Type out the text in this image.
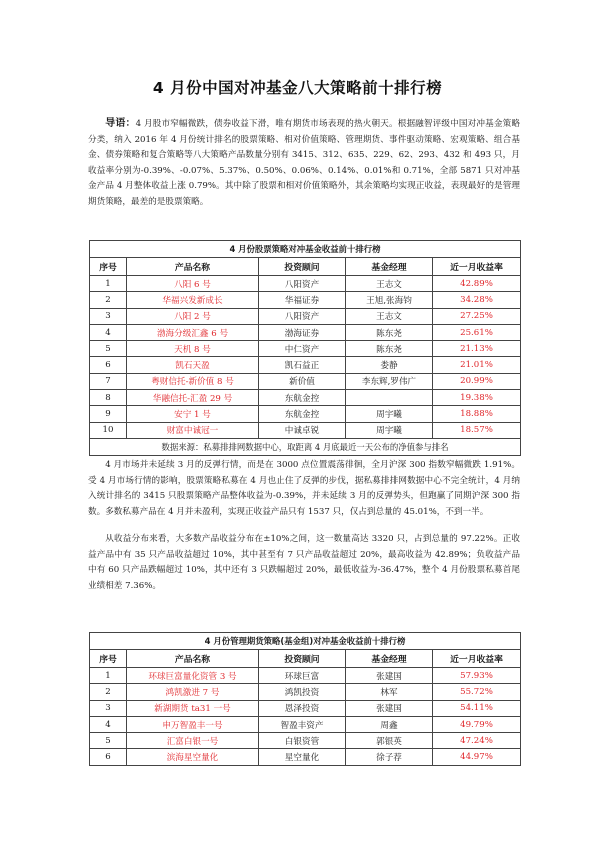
4 月份中国对冲基金八大策略前十排行榜

导语：4 月股市窄幅微跌，债券收益下滑，唯有期货市场表现的热火朝天。根据融智评级中国对冲基金策略分类，纳入 2016 年 4 月份统计排名的股票策略、相对价值策略、管理期货、事件驱动策略、宏观策略、组合基金、债券策略和复合策略等八大策略产品数量分别有 3415、312、635、229、62、293、432 和 493 只，月收益率分别为-0.39%、-0.07%、5.37%、0.50%、0.06%、0.14%、0.01%和 0.71%，全部 5871 只对冲基金产品 4 月整体收益上涨 0.79%。其中除了股票和相对价值策略外，其余策略均实现正收益，表现最好的是管理期货策略，最差的是股票策略。

4 月份股票策略对冲基金收益前十排行榜				
序号	产品名称	投资顾问	基金经理	近一月收益率
1	八阳 6 号	八阳资产	王志文	42.89%
2	华福兴发新成长	华福证券	王旭,张海钧	34.28%
3	八阳 2 号	八阳资产	王志文	27.25%
4	渤海分级汇鑫 6 号	渤海证券	陈东尧	25.61%
5	天机 8 号	中仁资产	陈东尧	21.13%
6	凯石天盈	凯石益正	娄静	21.01%
7	粤财信托-新价值 8 号	新价值	李东辉,罗伟广	20.99%
8	华融信托-汇盈 29 号	东航金控		19.38%
9	安宁 1 号	东航金控	周宇曦	18.88%
10	财富中诚冠一	中诚卓锐	周宇曦	18.57%
数据来源：私募排排网数据中心，取距离 4 月底最近一天公布的净值参与排名				

4 月市场并未延续 3 月的反弹行情，而是在 3000 点位置震荡徘徊，全月沪深 300 指数窄幅微跌 1.91%。受 4 月市场行情的影响，股票策略私募在 4 月也止住了反弹的步伐，据私募排排网数据中心不完全统计，4 月纳入统计排名的 3415 只股票策略产品整体收益为-0.39%，并未延续 3 月的反弹势头，但跑赢了同期沪深 300 指数。多数私募产品在 4 月并未盈利，实现正收益产品只有 1537 只，仅占到总量的 45.01%，不到一半。

从收益分布来看，大多数产品收益分布在±10%之间，这一数量高达 3320 只，占到总量的 97.22%。正收益产品中有 35 只产品收益超过 10%，其中甚至有 7 只产品收益超过 20%，最高收益为 42.89%；负收益产品中有 60 只产品跌幅超过 10%，其中还有 3 只跌幅超过 20%，最低收益为-36.47%，整个 4 月份股票私募首尾业绩相差 7.36%。

4 月份管理期货策略(基金组)对冲基金收益前十排行榜				
序号	产品名称	投资顾问	基金经理	近一月收益率
1	环球巨富量化资管 3 号	环球巨富	张建国	57.93%
2	鸿凯激进 7 号	鸿凯投资	林军	55.72%
3	新湖期货 ta31 一号	恩泽投资	张建国	54.11%
4	申万智盈丰一号	智盈丰资产	周鑫	49.79%
5	汇富白银一号	白银资管	郭银英	47.24%
6	滨海星空量化	星空量化	徐子荐	44.97%
